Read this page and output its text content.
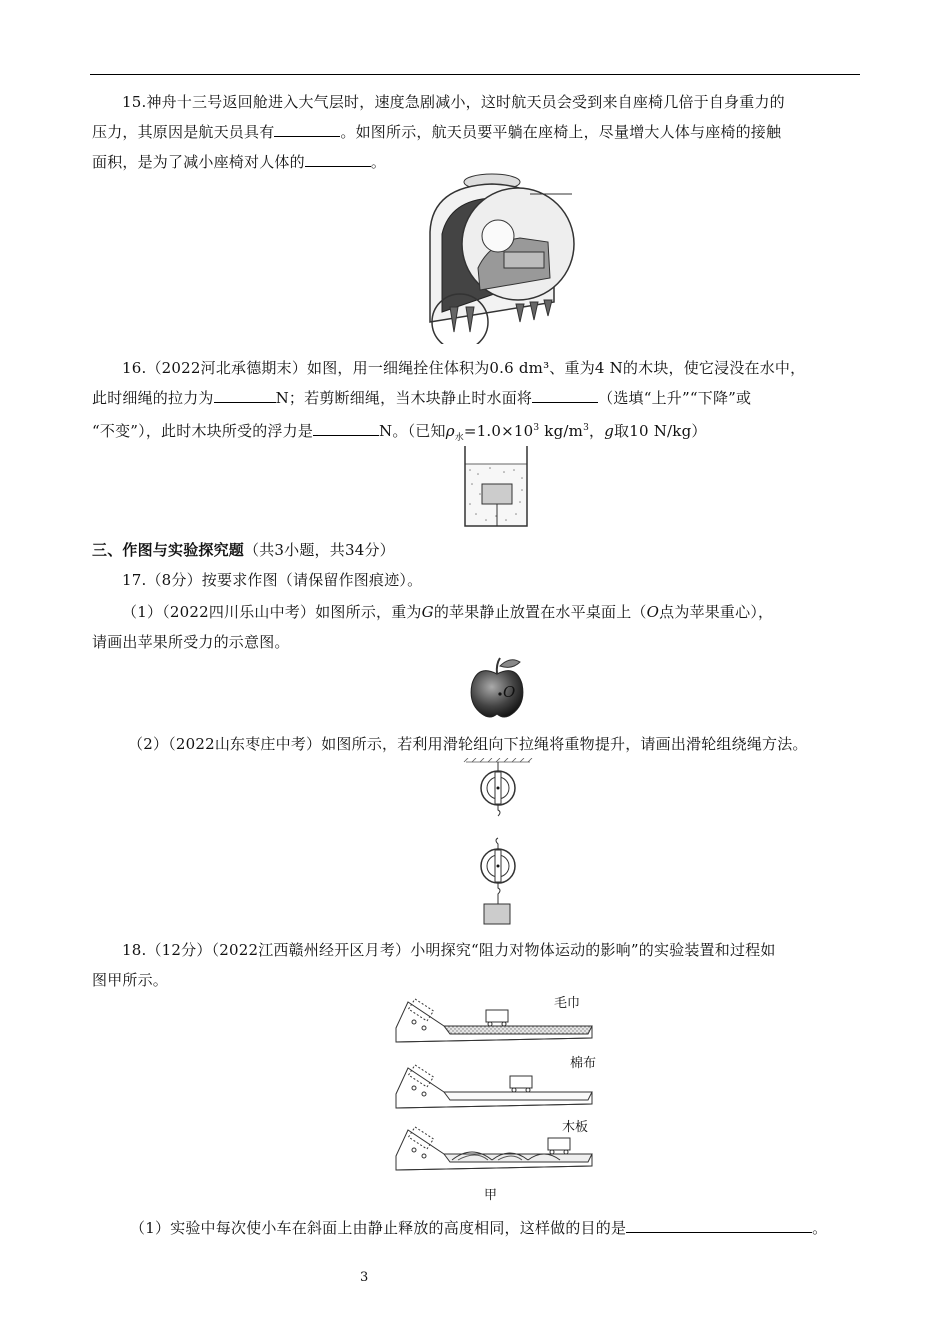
15.神舟十三号返回舱进入大气层时，速度急剧减小，这时航天员会受到来自座椅几倍于自身重力的
压力，其原因是航天员具有	。如图所示，航天员要平躺在座椅上，尽量增大人体与座椅的接触
面积，是为了减小座椅对人体的	。
16.（2022河北承德期末）如图，用一细绳拴住体积为0.6 dm³、重为4 N的木块，使它浸没在水中，
此时细绳的拉力为	N；若剪断细绳，当木块静止时水面将	（选填“上升”“下降”或
“不变”），此时木块所受的浮力是	N。（已知$\rho_水=1.0\times 10^3$ $kg/m^3$，g取10 N/kg）
三、作图与实验探究题（共3小题，共34分）
17.（8分）按要求作图（请保留作图痕迹）。
（1）（2022四川乐山中考）如图所示，重为G的苹果静止放置在水平桌面上（O点为苹果重心），
请画出苹果所受力的示意图。
O
（2）（2022山东枣庄中考）如图所示，若利用滑轮组向下拉绳将重物提升，请画出滑轮组绕绳方法。
18.（12分）（2022江西赣州经开区月考）小明探究“阻力对物体运动的影响”的实验装置和过程如
图甲所示。
毛巾
棉布
木板
甲
（1）实验中每次使小车在斜面上由静止释放的高度相同，这样做的目的是	。
3
